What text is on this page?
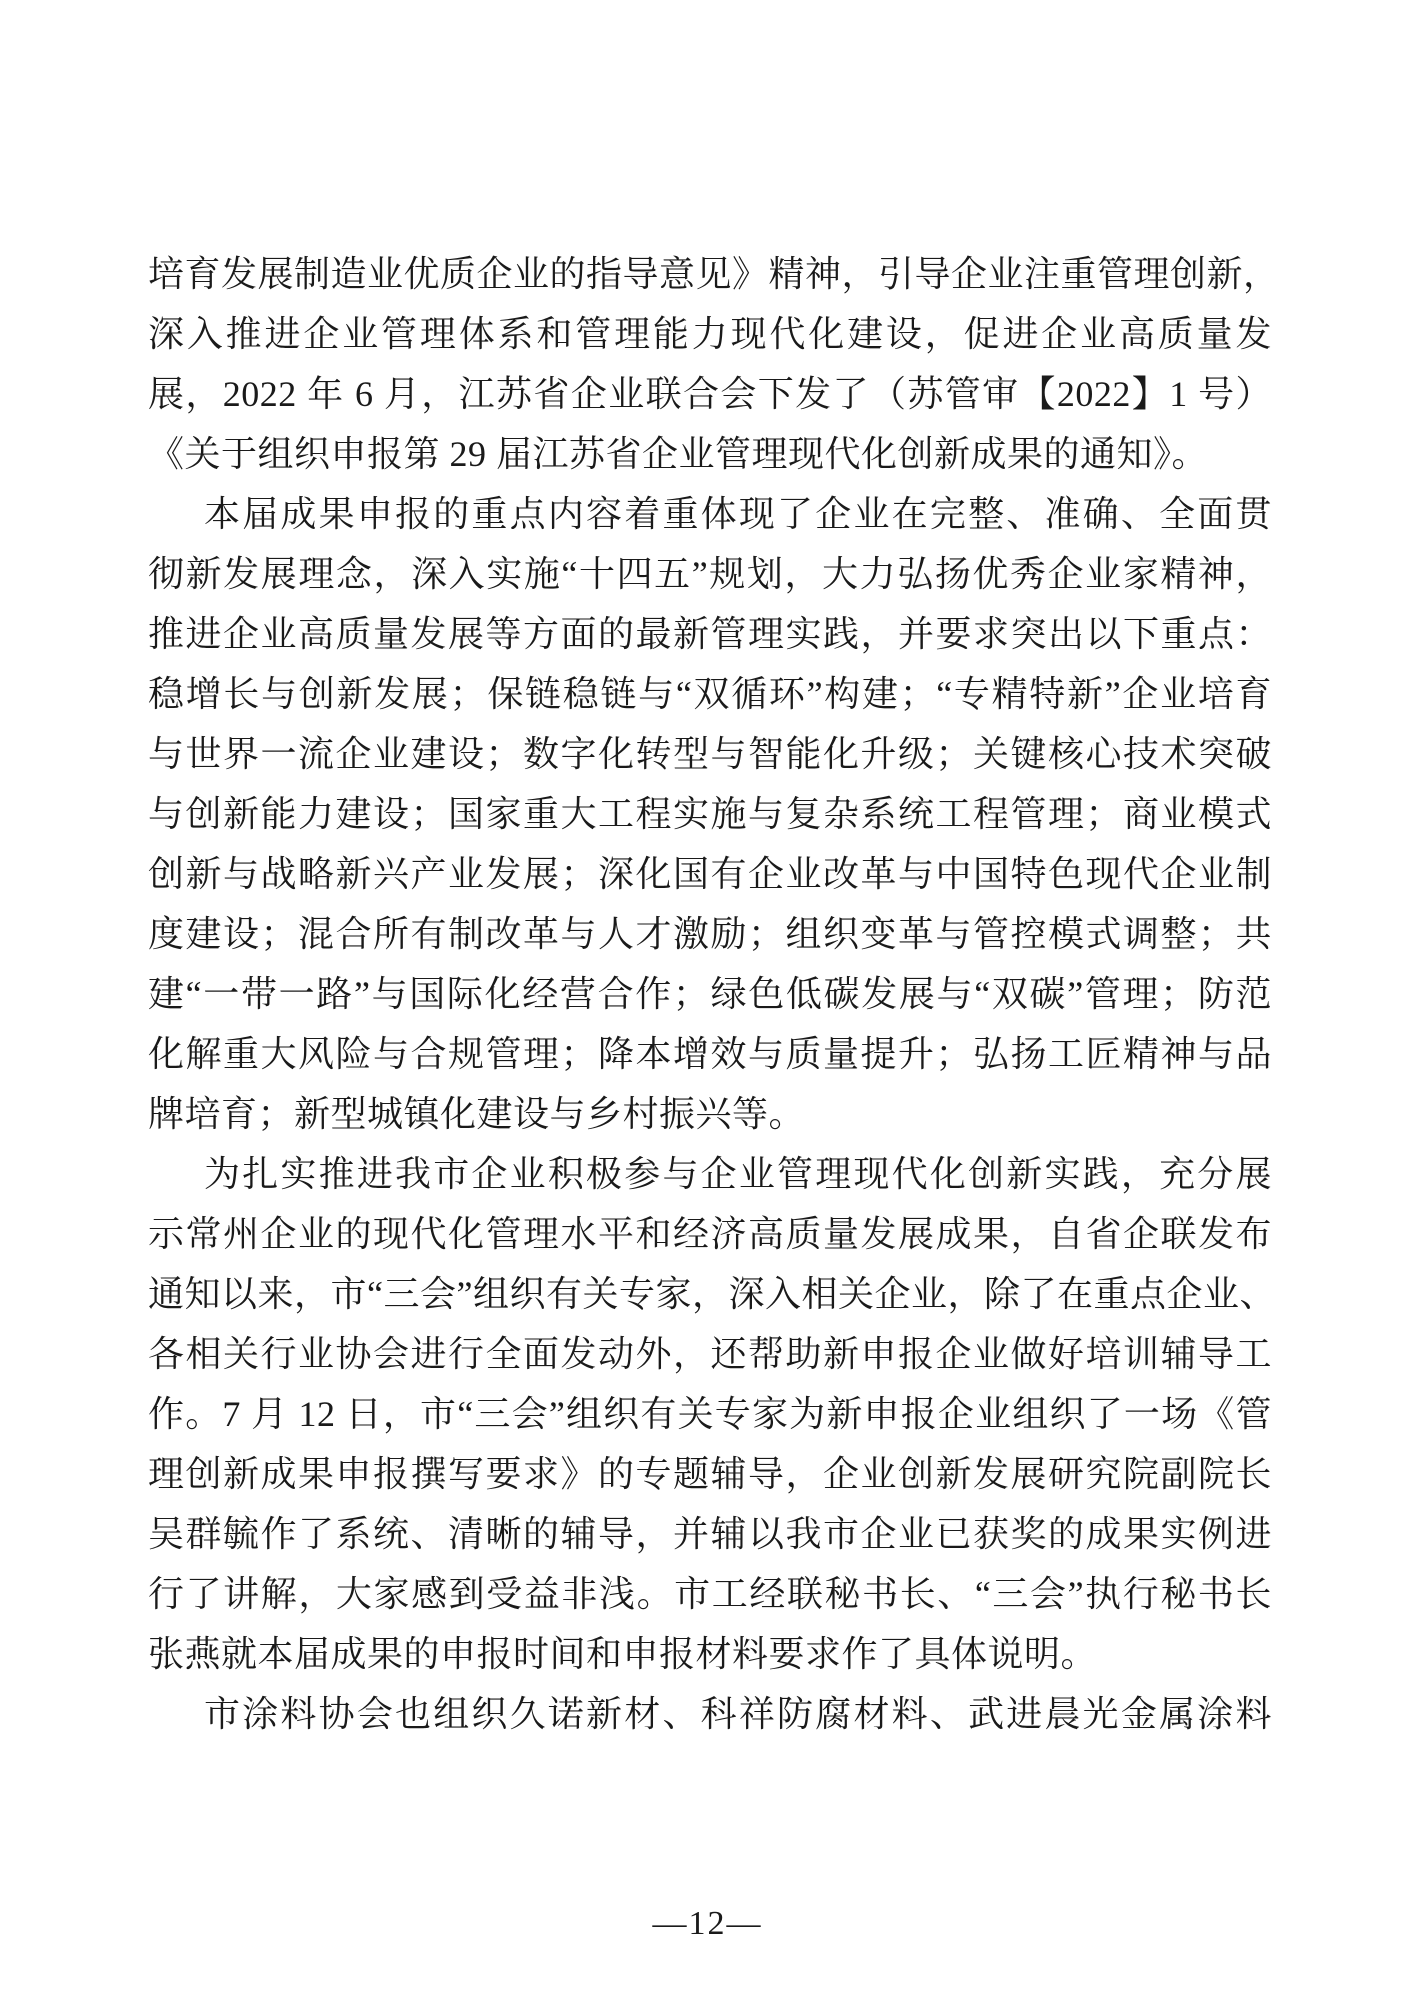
培育发展制造业优质企业的指导意见》精神，引导企业注重管理创新，
深入推进企业管理体系和管理能力现代化建设，促进企业高质量发
展，2022 年 6 月，江苏省企业联合会下发了（苏管审【2022】1 号）
《关于组织申报第 29 届江苏省企业管理现代化创新成果的通知》。
本届成果申报的重点内容着重体现了企业在完整、准确、全面贯
彻新发展理念，深入实施“十四五”规划，大力弘扬优秀企业家精神，
推进企业高质量发展等方面的最新管理实践，并要求突出以下重点：
稳增长与创新发展；保链稳链与“双循环”构建；“专精特新”企业培育
与世界一流企业建设；数字化转型与智能化升级；关键核心技术突破
与创新能力建设；国家重大工程实施与复杂系统工程管理；商业模式
创新与战略新兴产业发展；深化国有企业改革与中国特色现代企业制
度建设；混合所有制改革与人才激励；组织变革与管控模式调整；共
建“一带一路”与国际化经营合作；绿色低碳发展与“双碳”管理；防范
化解重大风险与合规管理；降本增效与质量提升；弘扬工匠精神与品
牌培育；新型城镇化建设与乡村振兴等。
为扎实推进我市企业积极参与企业管理现代化创新实践，充分展
示常州企业的现代化管理水平和经济高质量发展成果，自省企联发布
通知以来，市“三会”组织有关专家，深入相关企业，除了在重点企业、
各相关行业协会进行全面发动外，还帮助新申报企业做好培训辅导工
作。7 月 12 日，市“三会”组织有关专家为新申报企业组织了一场《管
理创新成果申报撰写要求》的专题辅导，企业创新发展研究院副院长
吴群毓作了系统、清晰的辅导，并辅以我市企业已获奖的成果实例进
行了讲解，大家感到受益非浅。市工经联秘书长、“三会”执行秘书长
张燕就本届成果的申报时间和申报材料要求作了具体说明。
市涂料协会也组织久诺新材、科祥防腐材料、武进晨光金属涂料
—12—
